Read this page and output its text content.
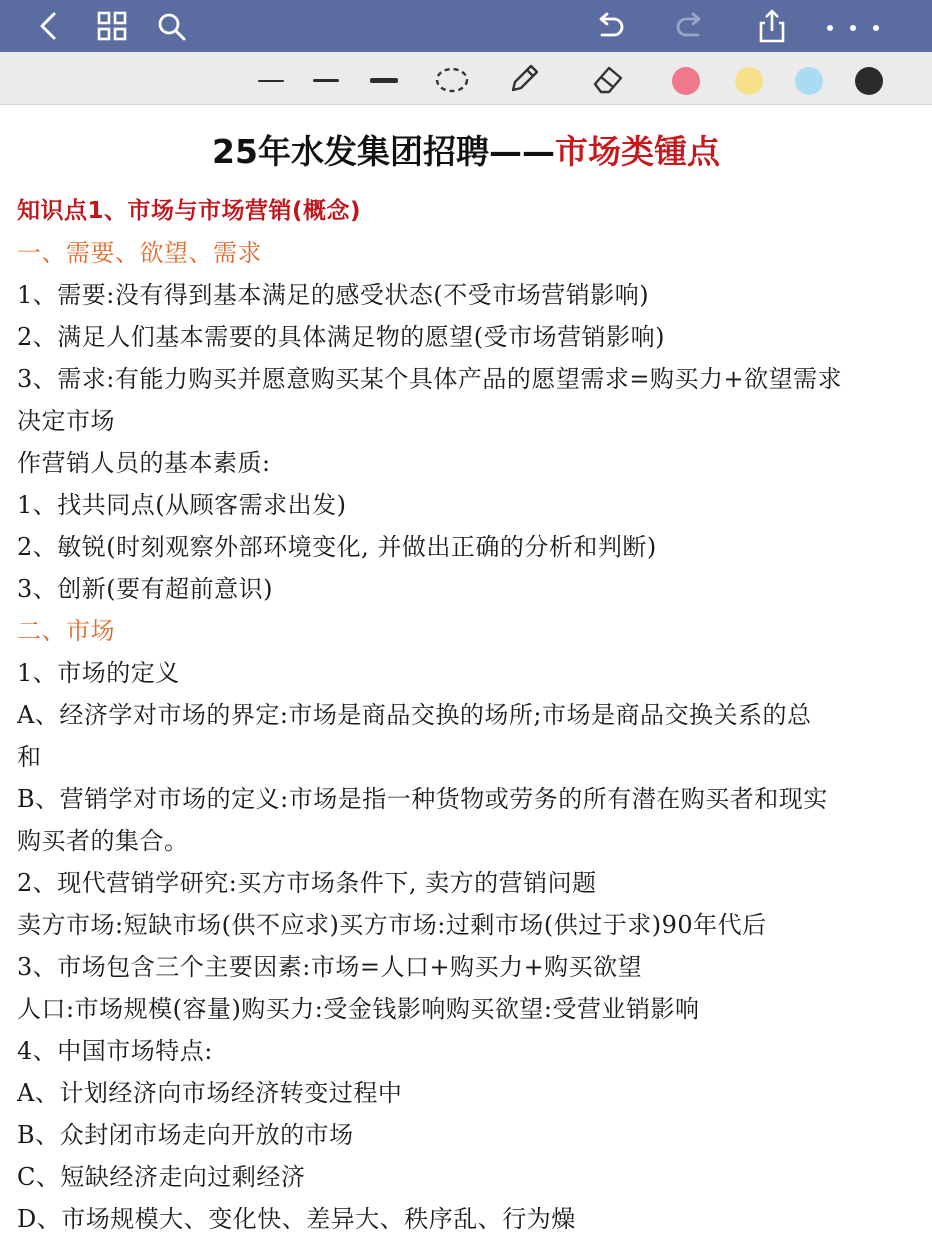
25年水发集团招聘——市场类锺点
知识点1、市场与市场营销(概念)
一、需要、欲望、需求
1、需要:没有得到基本满足的感受状态(不受市场营销影响)
2、满足人们基本需要的具体满足物的愿望(受市场营销影响)
3、需求:有能力购买并愿意购买某个具体产品的愿望需求=购买力+欲望需求
决定市场
作营销人员的基本素质:
1、找共同点(从顾客需求出发)
2、敏锐(时刻观察外部环境变化, 并做出正确的分析和判断)
3、创新(要有超前意识)
二、市场
1、市场的定义
A、经济学对市场的界定:市场是商品交换的场所;市场是商品交换关系的总
和
B、营销学对市场的定义:市场是指一种货物或劳务的所有潜在购买者和现实
购买者的集合。
2、现代营销学研究:买方市场条件下, 卖方的营销问题
卖方市场:短缺市场(供不应求)买方市场:过剩市场(供过于求)90年代后
3、市场包含三个主要因素:市场=人口+购买力+购买欲望
人口:市场规模(容量)购买力:受金钱影响购买欲望:受营业销影响
4、中国市场特点:
A、计划经济向市场经济转变过程中
B、众封闭市场走向开放的市场
C、短缺经济走向过剩经济
D、市场规模大、变化快、差异大、秩序乱、行为燥
